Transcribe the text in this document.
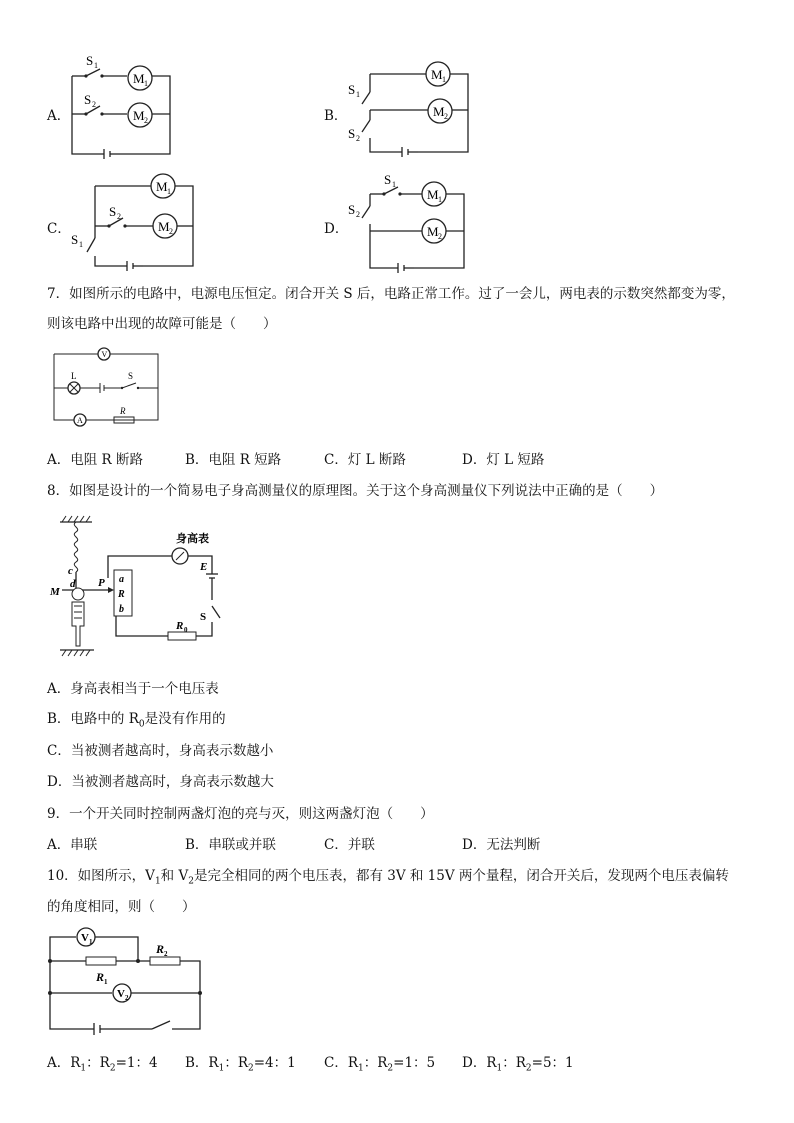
A．
S 1
S 2
M 1
M 2	B．
S 1
S 2
M 1
M 2
C．
S 2
S 1
M 1
M 2	D．
S 1
S 2
M 1
M 2
7．如图所示的电路中，电源电压恒定。闭合开关 S 后，电路正常工作。过了一会儿，两电表的示数突然都变为零，
则该电路中出现的故障可能是（　　）
V
A
L	S
R
A．电阻 R 断路	B．电阻 R 短路	C．灯 L 断路	D．灯 L 短路
8．如图是设计的一个简易电子身高测量仪的原理图。关于这个身高测量仪下列说法中正确的是（　　）
身高表
E
S
R 0
M
d
c
P a
R
b
A．身高表相当于一个电压表
B．电路中的 $R_0$是没有作用的
C．当被测者越高时，身高表示数越小
D．当被测者越高时，身高表示数越大
9．一个开关同时控制两盏灯泡的亮与灭，则这两盏灯泡（　　）
A．串联	B．串联或并联	C．并联	D．无法判断
10．如图所示，$V_1$和 $V_2$是完全相同的两个电压表，都有 3V 和 15V 两个量程，闭合开关后，发现两个电压表偏转
的角度相同，则（　　）
V 1
V 2
R 1
R 2
A．$R_1$：$R_2=1$：4 B．$R_1$：$R_2=4$：1 C．$R_1$：$R_2=1$：5 D．$R_1$：$R_2=5$：1
